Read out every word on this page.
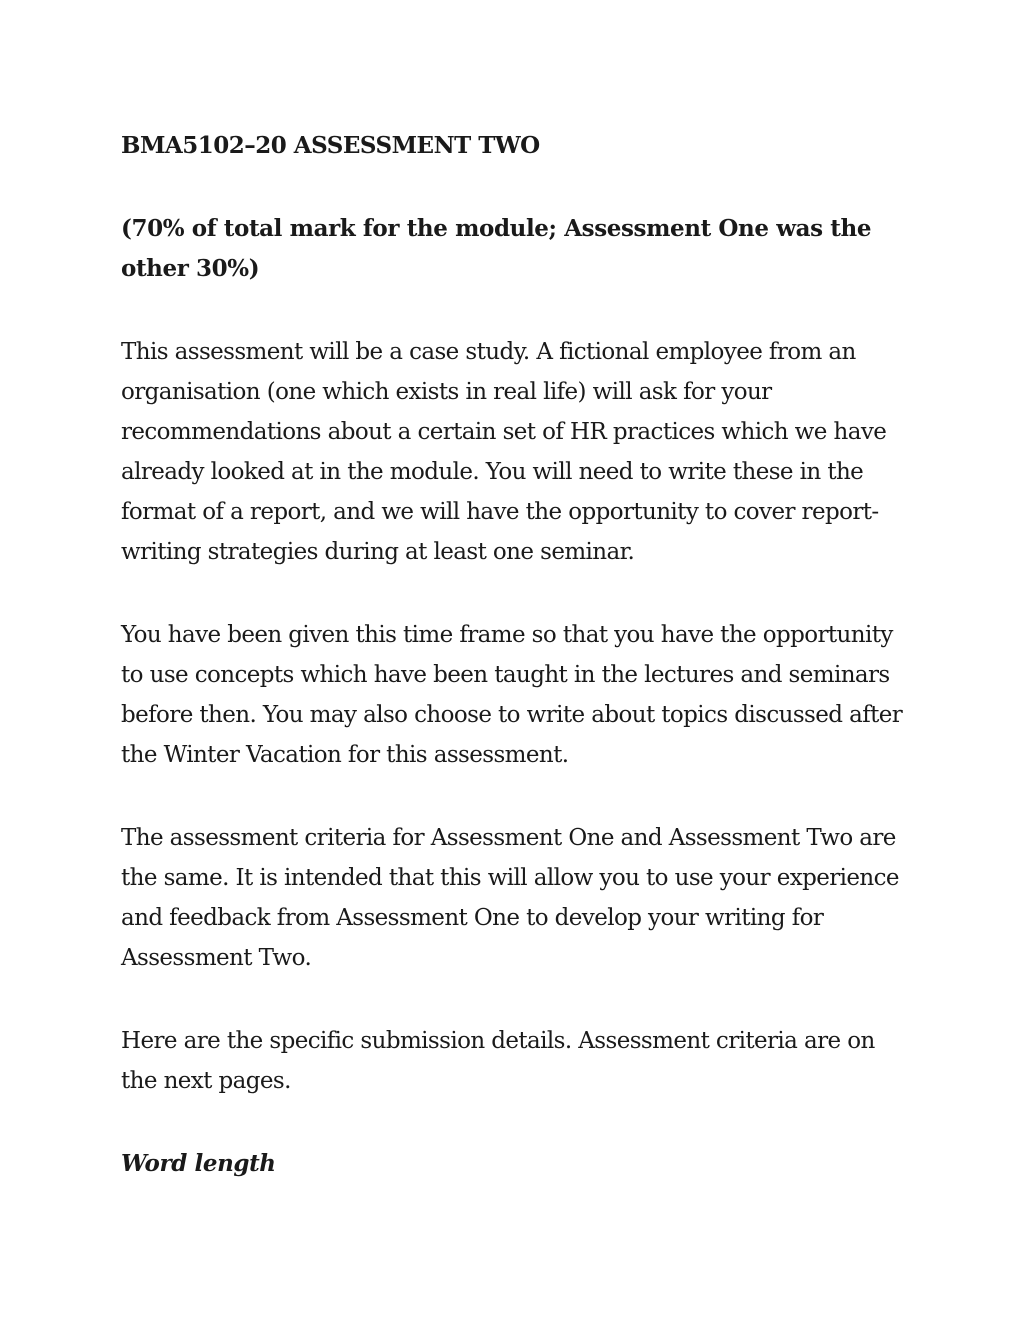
BMA5102–20 ASSESSMENT TWO

(70% of total mark for the module; Assessment One was the other 30%)

This assessment will be a case study. A fictional employee from an organisation (one which exists in real life) will ask for your recommendations about a certain set of HR practices which we have already looked at in the module. You will need to write these in the format of a report, and we will have the opportunity to cover report-writing strategies during at least one seminar.

You have been given this time frame so that you have the opportunity to use concepts which have been taught in the lectures and seminars before then. You may also choose to write about topics discussed after the Winter Vacation for this assessment.

The assessment criteria for Assessment One and Assessment Two are the same. It is intended that this will allow you to use your experience and feedback from Assessment One to develop your writing for Assessment Two.

Here are the specific submission details. Assessment criteria are on the next pages.

Word length
